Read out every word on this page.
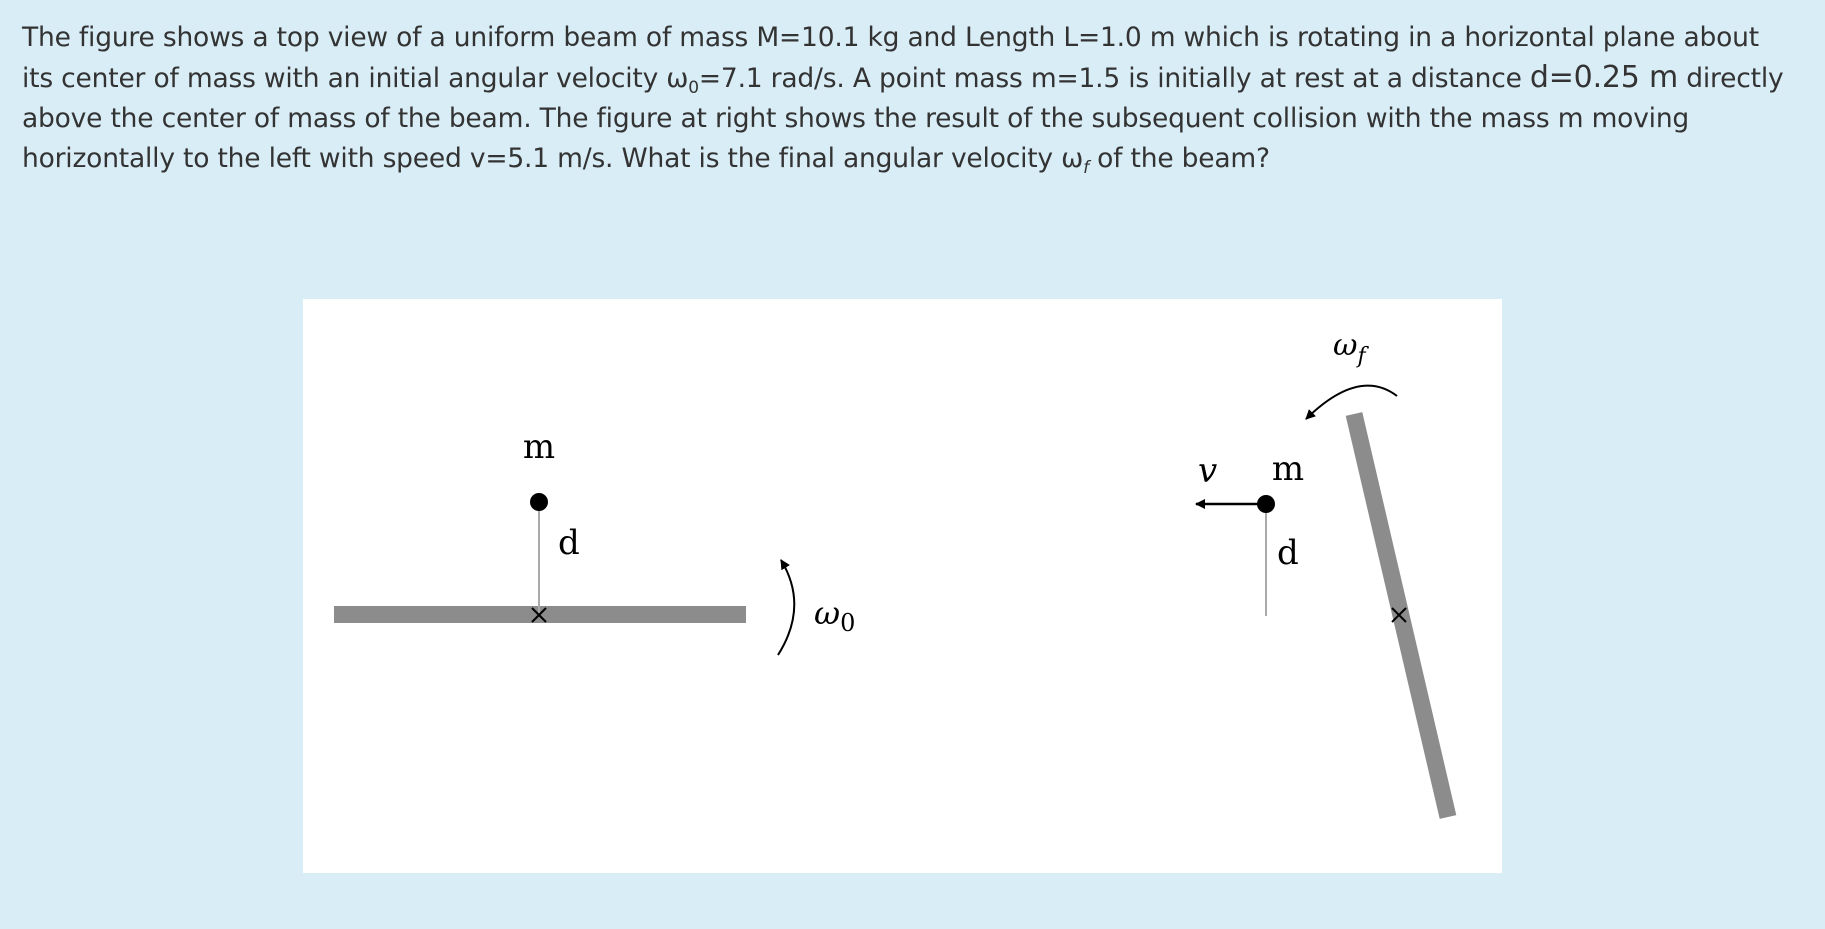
The figure shows a top view of a uniform beam of mass M=10.1 kg and Length L=1.0 m which is rotating in a horizontal plane about its center of mass with an initial angular velocity $\omega_0=7.1$ rad/s. A point mass m=1.5 is initially at rest at a distance d=0.25 m directly above the center of mass of the beam. The figure at right shows the result of the subsequent collision with the mass m moving horizontally to the left with speed v=5.1 m/s. What is the final angular velocity $\omega_f$ of the beam?

m
d
$\omega_0$
v m
d
$\omega_f$
